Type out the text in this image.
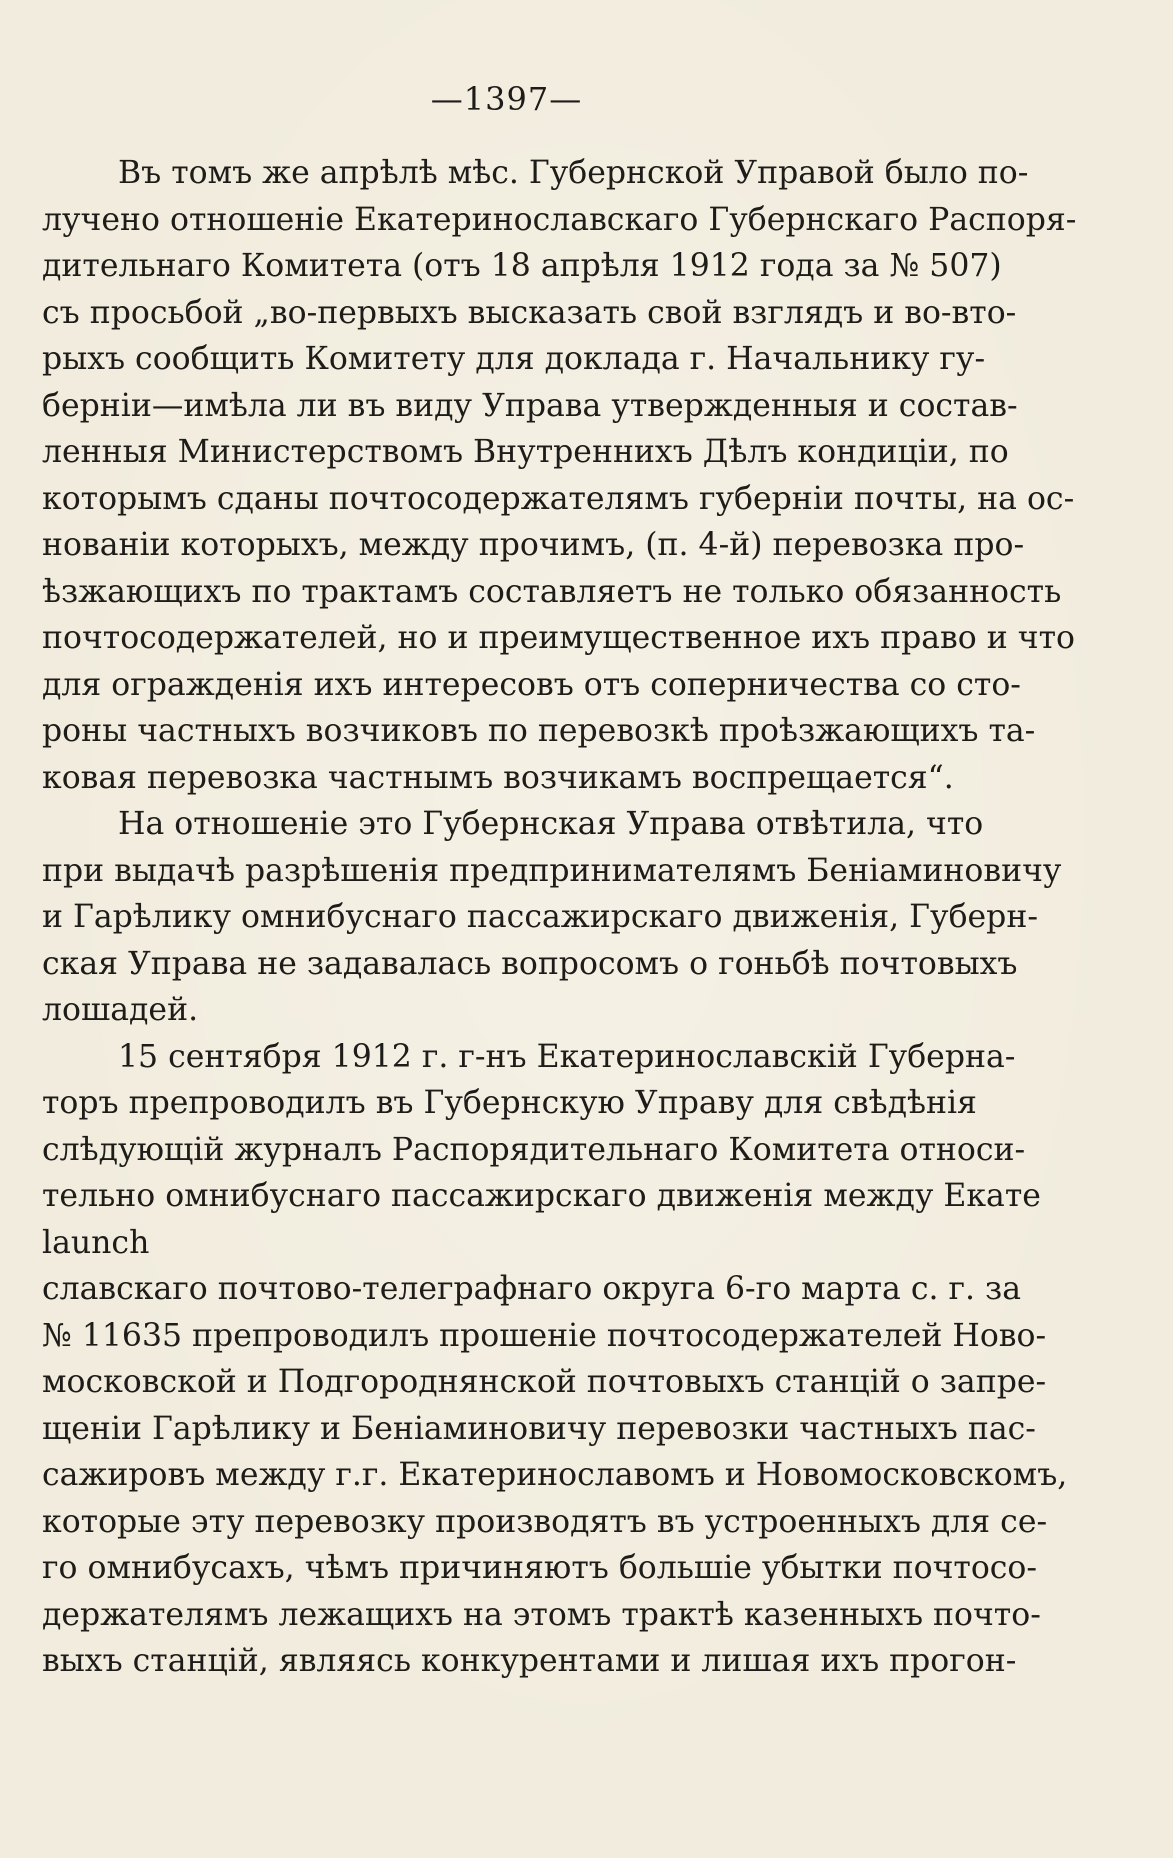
—1397—
Въ томъ же апрѣлѣ мѣс. Губернской Управой было по-
лучено отношеніе Екатеринославскаго Губернскаго Распоря-
дительнаго Комитета (отъ 18 апрѣля 1912 года за № 507)
съ просьбой „во-первыхъ высказать свой взглядъ и во-вто-
рыхъ сообщить Комитету для доклада г. Начальнику гу-
берніи—имѣла ли въ виду Управа утвержденныя и состав-
ленныя Министерствомъ Внутреннихъ Дѣлъ кондиціи, по
которымъ сданы почтосодержателямъ губерніи почты, на ос-
нованіи которыхъ, между прочимъ, (п. 4-й) перевозка про-
ѣзжающихъ по трактамъ составляетъ не только обязанность
почтосодержателей, но и преимущественное ихъ право и что
для огражденія ихъ интересовъ отъ соперничества со сто-
роны частныхъ возчиковъ по перевозкѣ проѣзжающихъ та-
ковая перевозка частнымъ возчикамъ воспрещается“.
На отношеніе это Губернская Управа отвѣтила, что
при выдачѣ разрѣшенія предпринимателямъ Беніаминовичу
и Гарѣлику омнибуснаго пассажирскаго движенія, Губерн-
ская Управа не задавалась вопросомъ о гоньбѣ почтовыхъ
лошадей.
15 сентября 1912 г. г-нъ Екатеринославскій Губерна-
торъ препроводилъ въ Губернскую Управу для свѣдѣнія
слѣдующій журналъ Распорядительнаго Комитета относи-
тельно омнибуснаго пассажирскаго движенія между Екате
launch
славскаго почтово-телеграфнаго округа 6-го марта с. г. за
№ 11635 препроводилъ прошеніе почтосодержателей Ново-
московской и Подгороднянской почтовыхъ станцій о запре-
щеніи Гарѣлику и Беніаминовичу перевозки частныхъ пас-
сажировъ между г.г. Екатеринославомъ и Новомосковскомъ,
которые эту перевозку производятъ въ устроенныхъ для се-
го омнибусахъ, чѣмъ причиняютъ большіе убытки почтосо-
держателямъ лежащихъ на этомъ трактѣ казенныхъ почто-
выхъ станцій, являясь конкурентами и лишая ихъ прогон-
